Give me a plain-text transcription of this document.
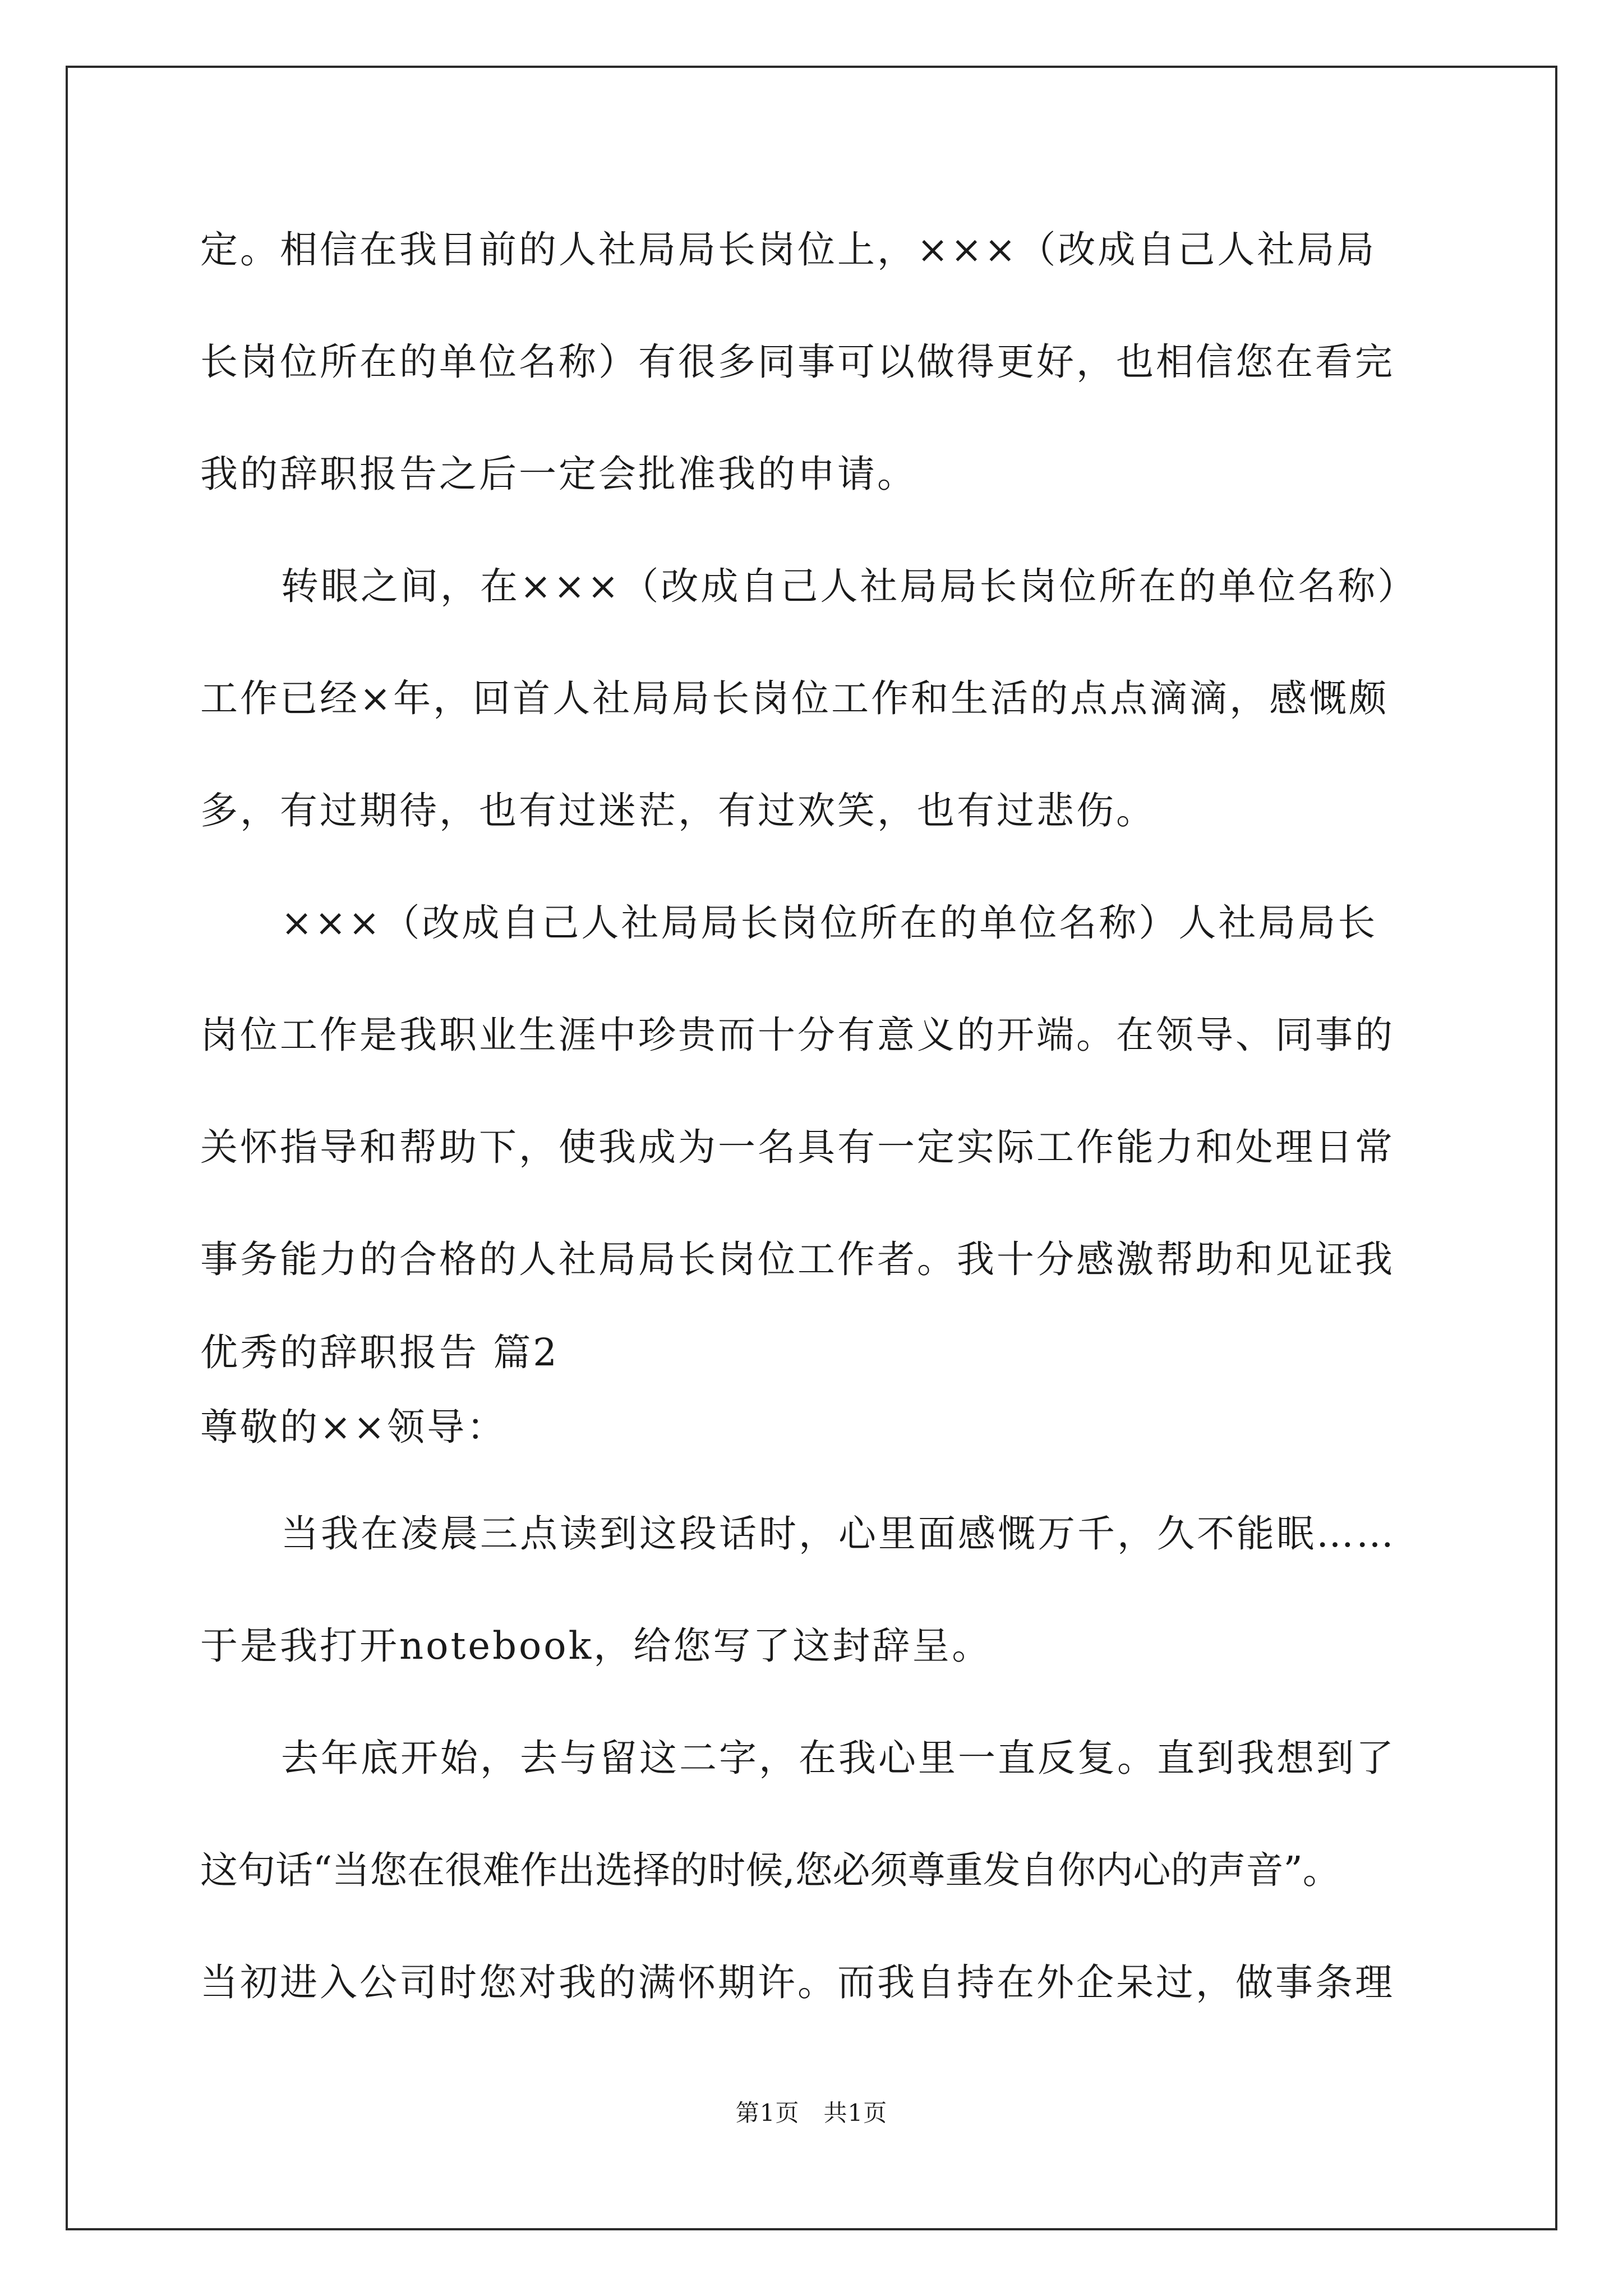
定。相信在我目前的人社局局长岗位上，×××（改成自己人社局局
长岗位所在的单位名称）有很多同事可以做得更好，也相信您在看完
我的辞职报告之后一定会批准我的申请。
转眼之间，在×××（改成自己人社局局长岗位所在的单位名称）
工作已经×年，回首人社局局长岗位工作和生活的点点滴滴，感慨颇
多，有过期待，也有过迷茫，有过欢笑，也有过悲伤。
×××（改成自己人社局局长岗位所在的单位名称）人社局局长
岗位工作是我职业生涯中珍贵而十分有意义的开端。在领导、同事的
关怀指导和帮助下，使我成为一名具有一定实际工作能力和处理日常
事务能力的合格的人社局局长岗位工作者。我十分感激帮助和见证我
优秀的辞职报告 篇2
尊敬的××领导：
当我在凌晨三点读到这段话时，心里面感慨万千，久不能眠……
于是我打开notebook，给您写了这封辞呈。
去年底开始，去与留这二字，在我心里一直反复。直到我想到了
这句话“当您在很难作出选择的时候,您必须尊重发自你内心的声音”。
当初进入公司时您对我的满怀期许。而我自持在外企呆过，做事条理
第1页　共1页
